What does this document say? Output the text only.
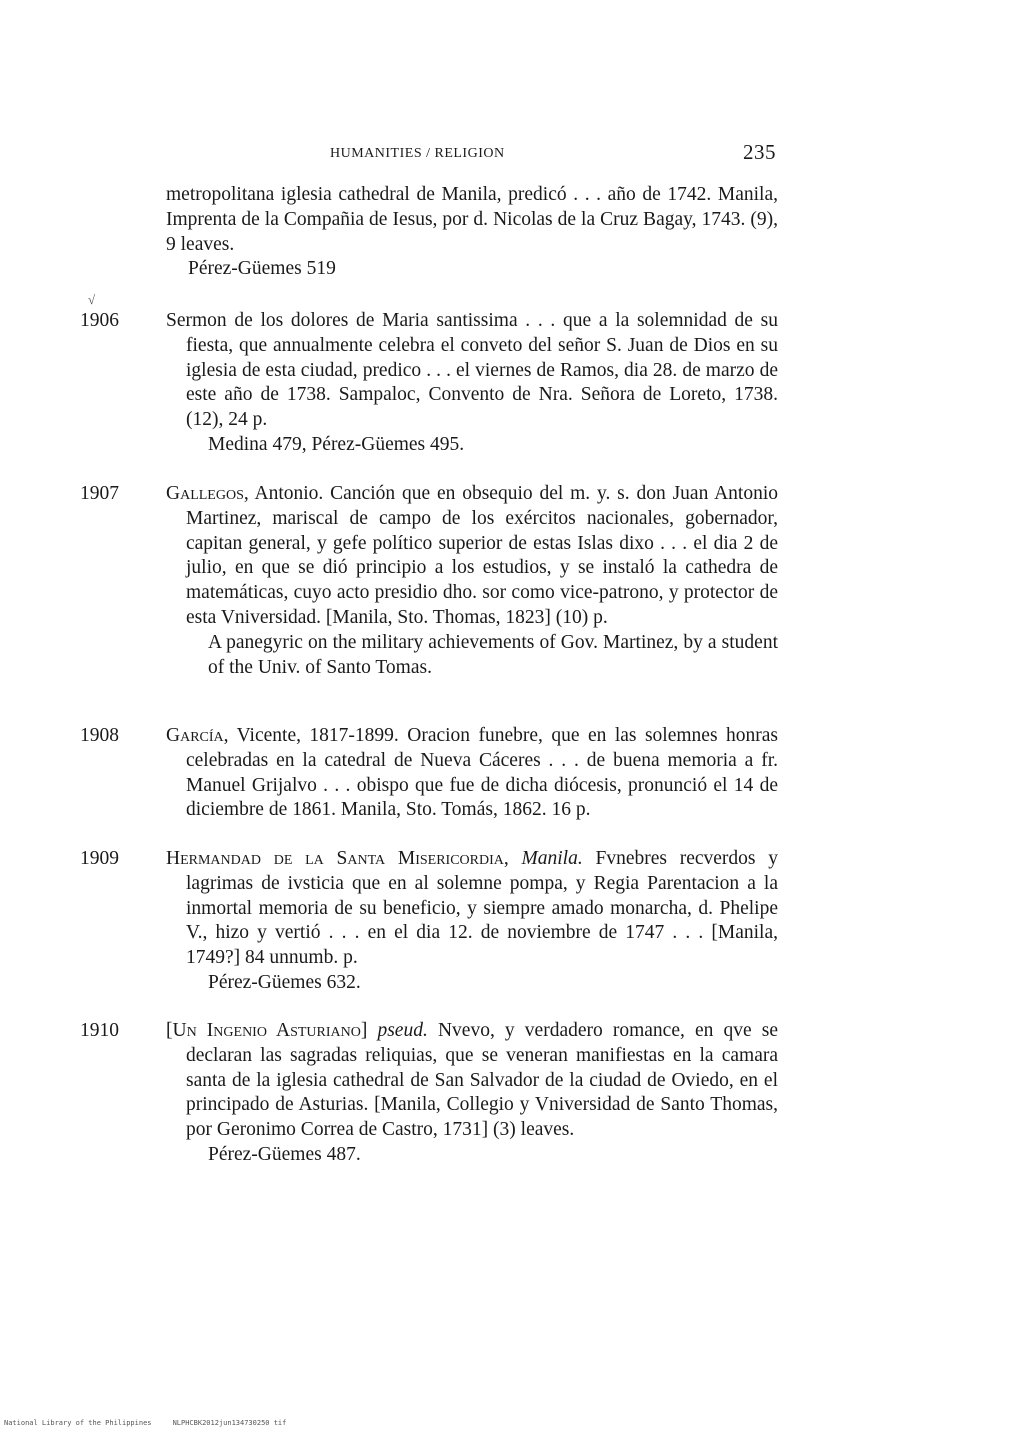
HUMANITIES / RELIGION	235
metropolitana iglesia cathedral de Manila, predicó . . . año de 1742. Manila, Imprenta de la Compañia de Iesus, por d. Nicolas de la Cruz Bagay, 1743. (9), 9 leaves.
Pérez-Güemes 519
√
1906	Sermon de los dolores de Maria santissima . . . que a la solemnidad de su fiesta, que annualmente celebra el conveto del señor S. Juan de Dios en su iglesia de esta ciudad, predico . . . el viernes de Ramos, dia 28. de marzo de este año de 1738. Sampaloc, Convento de Nra. Señora de Loreto, 1738. (12), 24 p.
Medina 479, Pérez-Güemes 495.
1907	Gallegos, Antonio. Canción que en obsequio del m. y. s. don Juan Antonio Martinez, mariscal de campo de los exércitos nacionales, gobernador, capitan general, y gefe político superior de estas Islas dixo . . . el dia 2 de julio, en que se dió principio a los estudios, y se instaló la cathedra de matemáticas, cuyo acto presidio dho. sor como vice-patrono, y protector de esta Vniversidad. [Manila, Sto. Thomas, 1823] (10) p.
A panegyric on the military achievements of Gov. Martinez, by a student of the Univ. of Santo Tomas.
1908	García, Vicente, 1817-1899. Oracion funebre, que en las solemnes honras celebradas en la catedral de Nueva Cáceres . . . de buena memoria a fr. Manuel Grijalvo . . . obispo que fue de dicha diócesis, pronunció el 14 de diciembre de 1861. Manila, Sto. Tomás, 1862. 16 p.
1909	Hermandad de la Santa Misericordia, Manila. Fvnebres recverdos y lagrimas de ivsticia que en al solemne pompa, y Regia Parentacion a la inmortal memoria de su beneficio, y siempre amado monarcha, d. Phelipe V., hizo y vertió . . . en el dia 12. de noviembre de 1747 . . . [Manila, 1749?] 84 unnumb. p.
Pérez-Güemes 632.
1910	[Un Ingenio Asturiano] pseud. Nvevo, y verdadero romance, en qve se declaran las sagradas reliquias, que se veneran manifiestas en la camara santa de la iglesia cathedral de San Salvador de la ciudad de Oviedo, en el principado de Asturias. [Manila, Collegio y Vniversidad de Santo Thomas, por Geronimo Correa de Castro, 1731] (3) leaves.
Pérez-Güemes 487.
National Library of the Philippines     NLPHCBK2012jun134730250 tif
